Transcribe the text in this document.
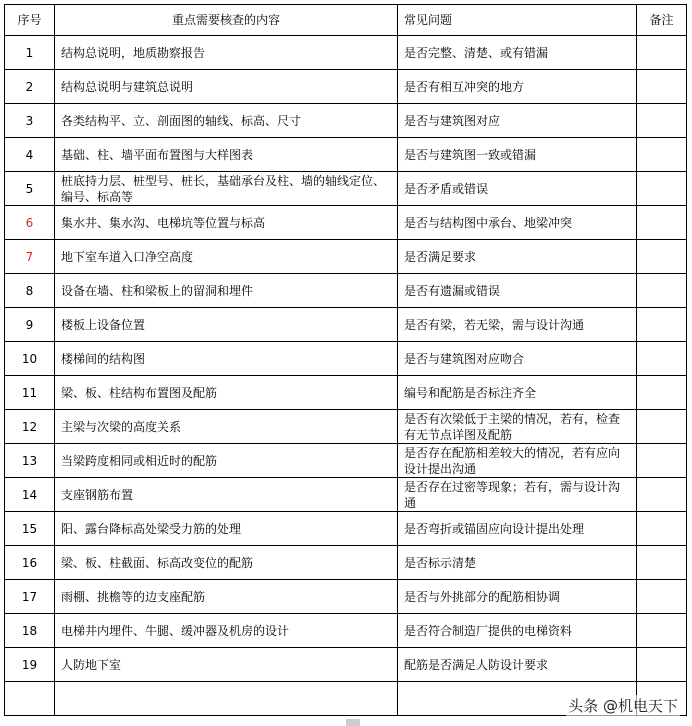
序号	重点需要核查的内容	常见问题	备注
1	结构总说明，地质勘察报告	是否完整、清楚、或有错漏	
2	结构总说明与建筑总说明	是否有相互冲突的地方	
3	各类结构平、立、剖面图的轴线、标高、尺寸	是否与建筑图对应	
4	基础、柱、墙平面布置图与大样图表	是否与建筑图一致或错漏	
5	桩底持力层、桩型号、桩长，基础承台及柱、墙的轴线定位、编号、标高等	是否矛盾或错误	
6	集水井、集水沟、电梯坑等位置与标高	是否与结构图中承台、地梁冲突	
7	地下室车道入口净空高度	是否满足要求	
8	设备在墙、柱和梁板上的留洞和埋件	是否有遗漏或错误	
9	楼板上设备位置	是否有梁，若无梁，需与设计沟通	
10	楼梯间的结构图	是否与建筑图对应吻合	
11	梁、板、柱结构布置图及配筋	编号和配筋是否标注齐全	
12	主梁与次梁的高度关系	是否有次梁低于主梁的情况，若有，检查有无节点详图及配筋	
13	当梁跨度相同或相近时的配筋	是否存在配筋相差较大的情况，若有应向设计提出沟通	
14	支座钢筋布置	是否存在过密等现象；若有，需与设计沟通	
15	阳、露台降标高处梁受力筋的处理	是否弯折或锚固应向设计提出处理	
16	梁、板、柱截面、标高改变位的配筋	是否标示清楚	
17	雨棚、挑檐等的边支座配筋	是否与外挑部分的配筋相协调	
18	电梯井内埋件、牛腿、缓冲器及机房的设计	是否符合制造厂提供的电梯资料	
19	人防地下室	配筋是否满足人防设计要求	

头条 @机电天下
